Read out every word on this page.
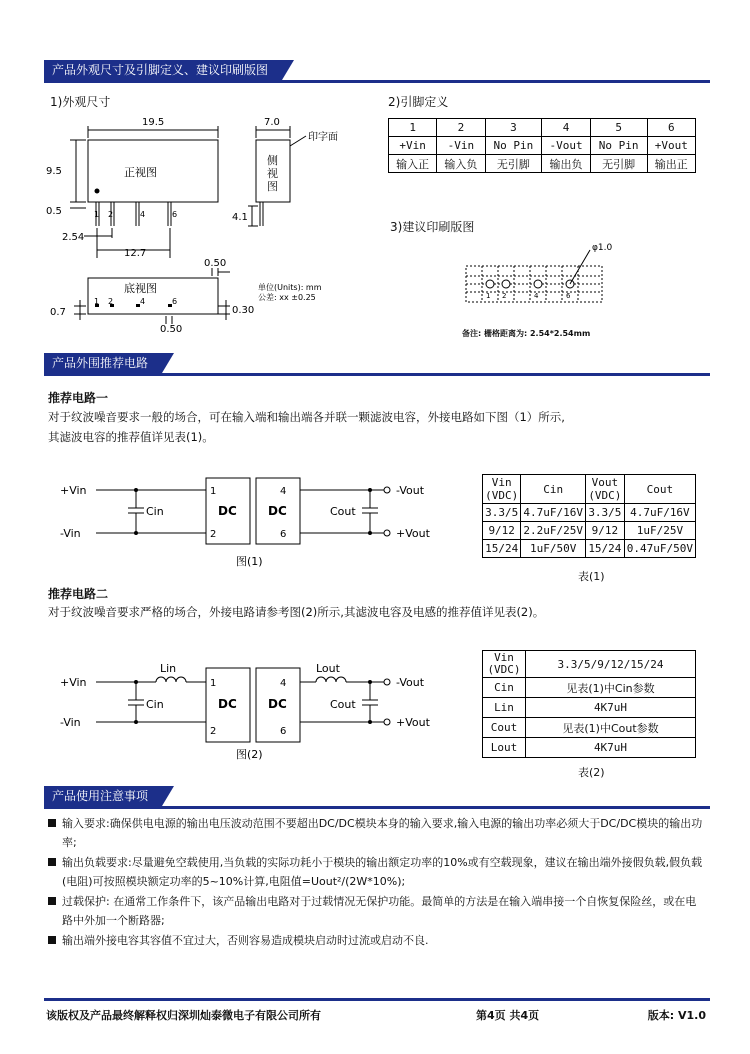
产品外观尺寸及引脚定义、建议印刷版图
1)外观尺寸	2)引脚定义
19.5
9.5
0.5
正视图
1 2	4	6
2.54
12.7
7.0
印字面
4.1
0.50
底视图
1 2	4	6
0.7	0.30
0.50
单位(Units): mm
公差: xx ±0.25
侧视图
1	2	3	4	5	6
+Vin	-Vin	No Pin	-Vout	No Pin	+Vout
输入正	输入负	无引脚	输出负	无引脚	输出正
3)建议印刷版图
φ1.0
1 2	4	6
备注: 栅格距离为: 2.54*2.54mm
产品外围推荐电路
推荐电路一
对于纹波噪音要求一般的场合，可在输入端和输出端各并联一颗滤波电容，外接电路如下图（1）所示,
其滤波电容的推荐值详见表(1)。
+Vin
-Vin
Cin
1
2
DC	DC
4
6
Cout
-Vout
+Vout
图(1)
Vin (VDC)	Cin	Vout (VDC)	Cout
3.3/5	4.7uF/16V	3.3/5	4.7uF/16V
9/12	2.2uF/25V	9/12	1uF/25V
15/24	1uF/50V	15/24	0.47uF/50V
表(1)
推荐电路二
对于纹波噪音要求严格的场合，外接电路请参考图(2)所示,其滤波电容及电感的推荐值详见表(2)。
+Vin
-Vin
Lin
Cin
1
2
DC	DC
4
6
Lout
Cout
-Vout
+Vout
图(2)
Vin (VDC)	3.3/5/9/12/15/24
Cin	见表(1)中Cin参数
Lin	4K7uH
Cout	见表(1)中Cout参数
Lout	4K7uH
表(2)
产品使用注意事项
输入要求:确保供电电源的输出电压波动范围不要超出DC/DC模块本身的输入要求,输入电源的输出功率必须大于DC/DC模块的输出功率;
输出负载要求:尽量避免空载使用,当负载的实际功耗小于模块的输出额定功率的10%或有空载现象，建议在输出端外接假负载,假负载(电阻)可按照模块额定功率的5~10%计算,电阻值=Uout²/(2W*10%);
过载保护: 在通常工作条件下，该产品输出电路对于过载情况无保护功能。最简单的方法是在输入端串接一个自恢复保险丝，或在电路中外加一个断路器;
输出端外接电容其容值不宜过大，否则容易造成模块启动时过流或启动不良.
该版权及产品最终解释权归深圳灿泰微电子有限公司所有	第4页 共4页	版本: V1.0
